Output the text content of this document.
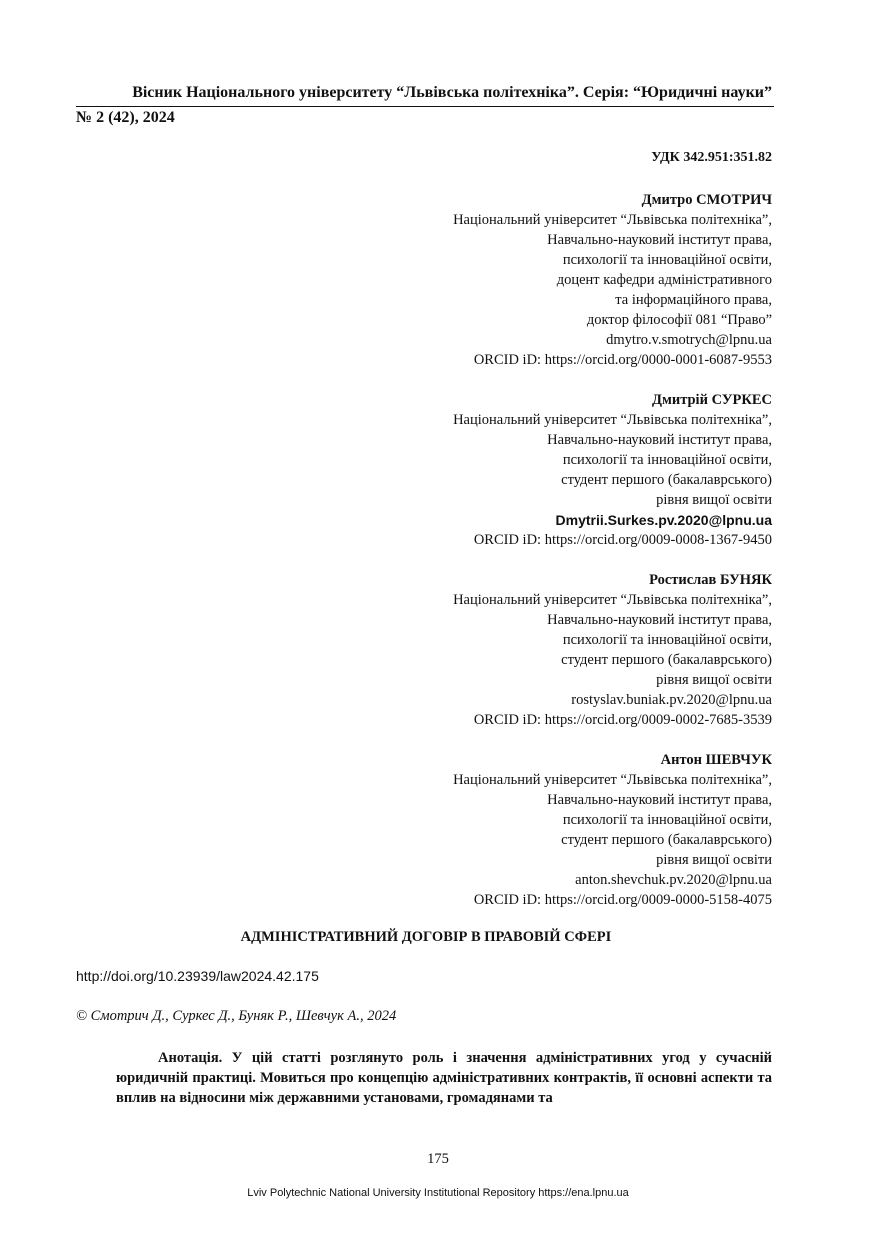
Вісник Національного університету “Львівська політехніка”. Серія: “Юридичні науки”
№ 2 (42), 2024
УДК 342.951:351.82
Дмитро СМОТРИЧ
Національний університет “Львівська політехніка”,
Навчально-науковий інститут права,
психології та інноваційної освіти,
доцент кафедри адміністративного
та інформаційного права,
доктор філософії 081 “Право”
dmytro.v.smotrych@lpnu.ua
ORCID iD: https://orcid.org/0000-0001-6087-9553
Дмитрій СУРКЕС
Національний університет “Львівська політехніка”,
Навчально-науковий інститут права,
психології та інноваційної освіти,
студент першого (бакалаврського)
рівня вищої освіти
Dmytrii.Surkes.pv.2020@lpnu.ua
ORCID iD: https://orcid.org/0009-0008-1367-9450
Ростислав БУНЯК
Національний університет “Львівська політехніка”,
Навчально-науковий інститут права,
психології та інноваційної освіти,
студент першого (бакалаврського)
рівня вищої освіти
rostyslav.buniak.pv.2020@lpnu.ua
ORCID iD: https://orcid.org/0009-0002-7685-3539
Антон ШЕВЧУК
Національний університет “Львівська політехніка”,
Навчально-науковий інститут права,
психології та інноваційної освіти,
студент першого (бакалаврського)
рівня вищої освіти
anton.shevchuk.pv.2020@lpnu.ua
ORCID iD: https://orcid.org/0009-0000-5158-4075
АДМІНІСТРАТИВНИЙ ДОГОВІР В ПРАВОВІЙ СФЕРІ
http://doi.org/10.23939/law2024.42.175
© Смотрич Д., Суркес Д., Буняк Р., Шевчук А., 2024

Анотація. У цій статті розглянуто роль і значення адміністративних угод у сучасній юридичній практиці. Мовиться про концепцію адміністративних контрактів, її основні аспекти та вплив на відносини між державними установами, громадянами та

175
Lviv Polytechnic National University Institutional Repository https://ena.lpnu.ua
